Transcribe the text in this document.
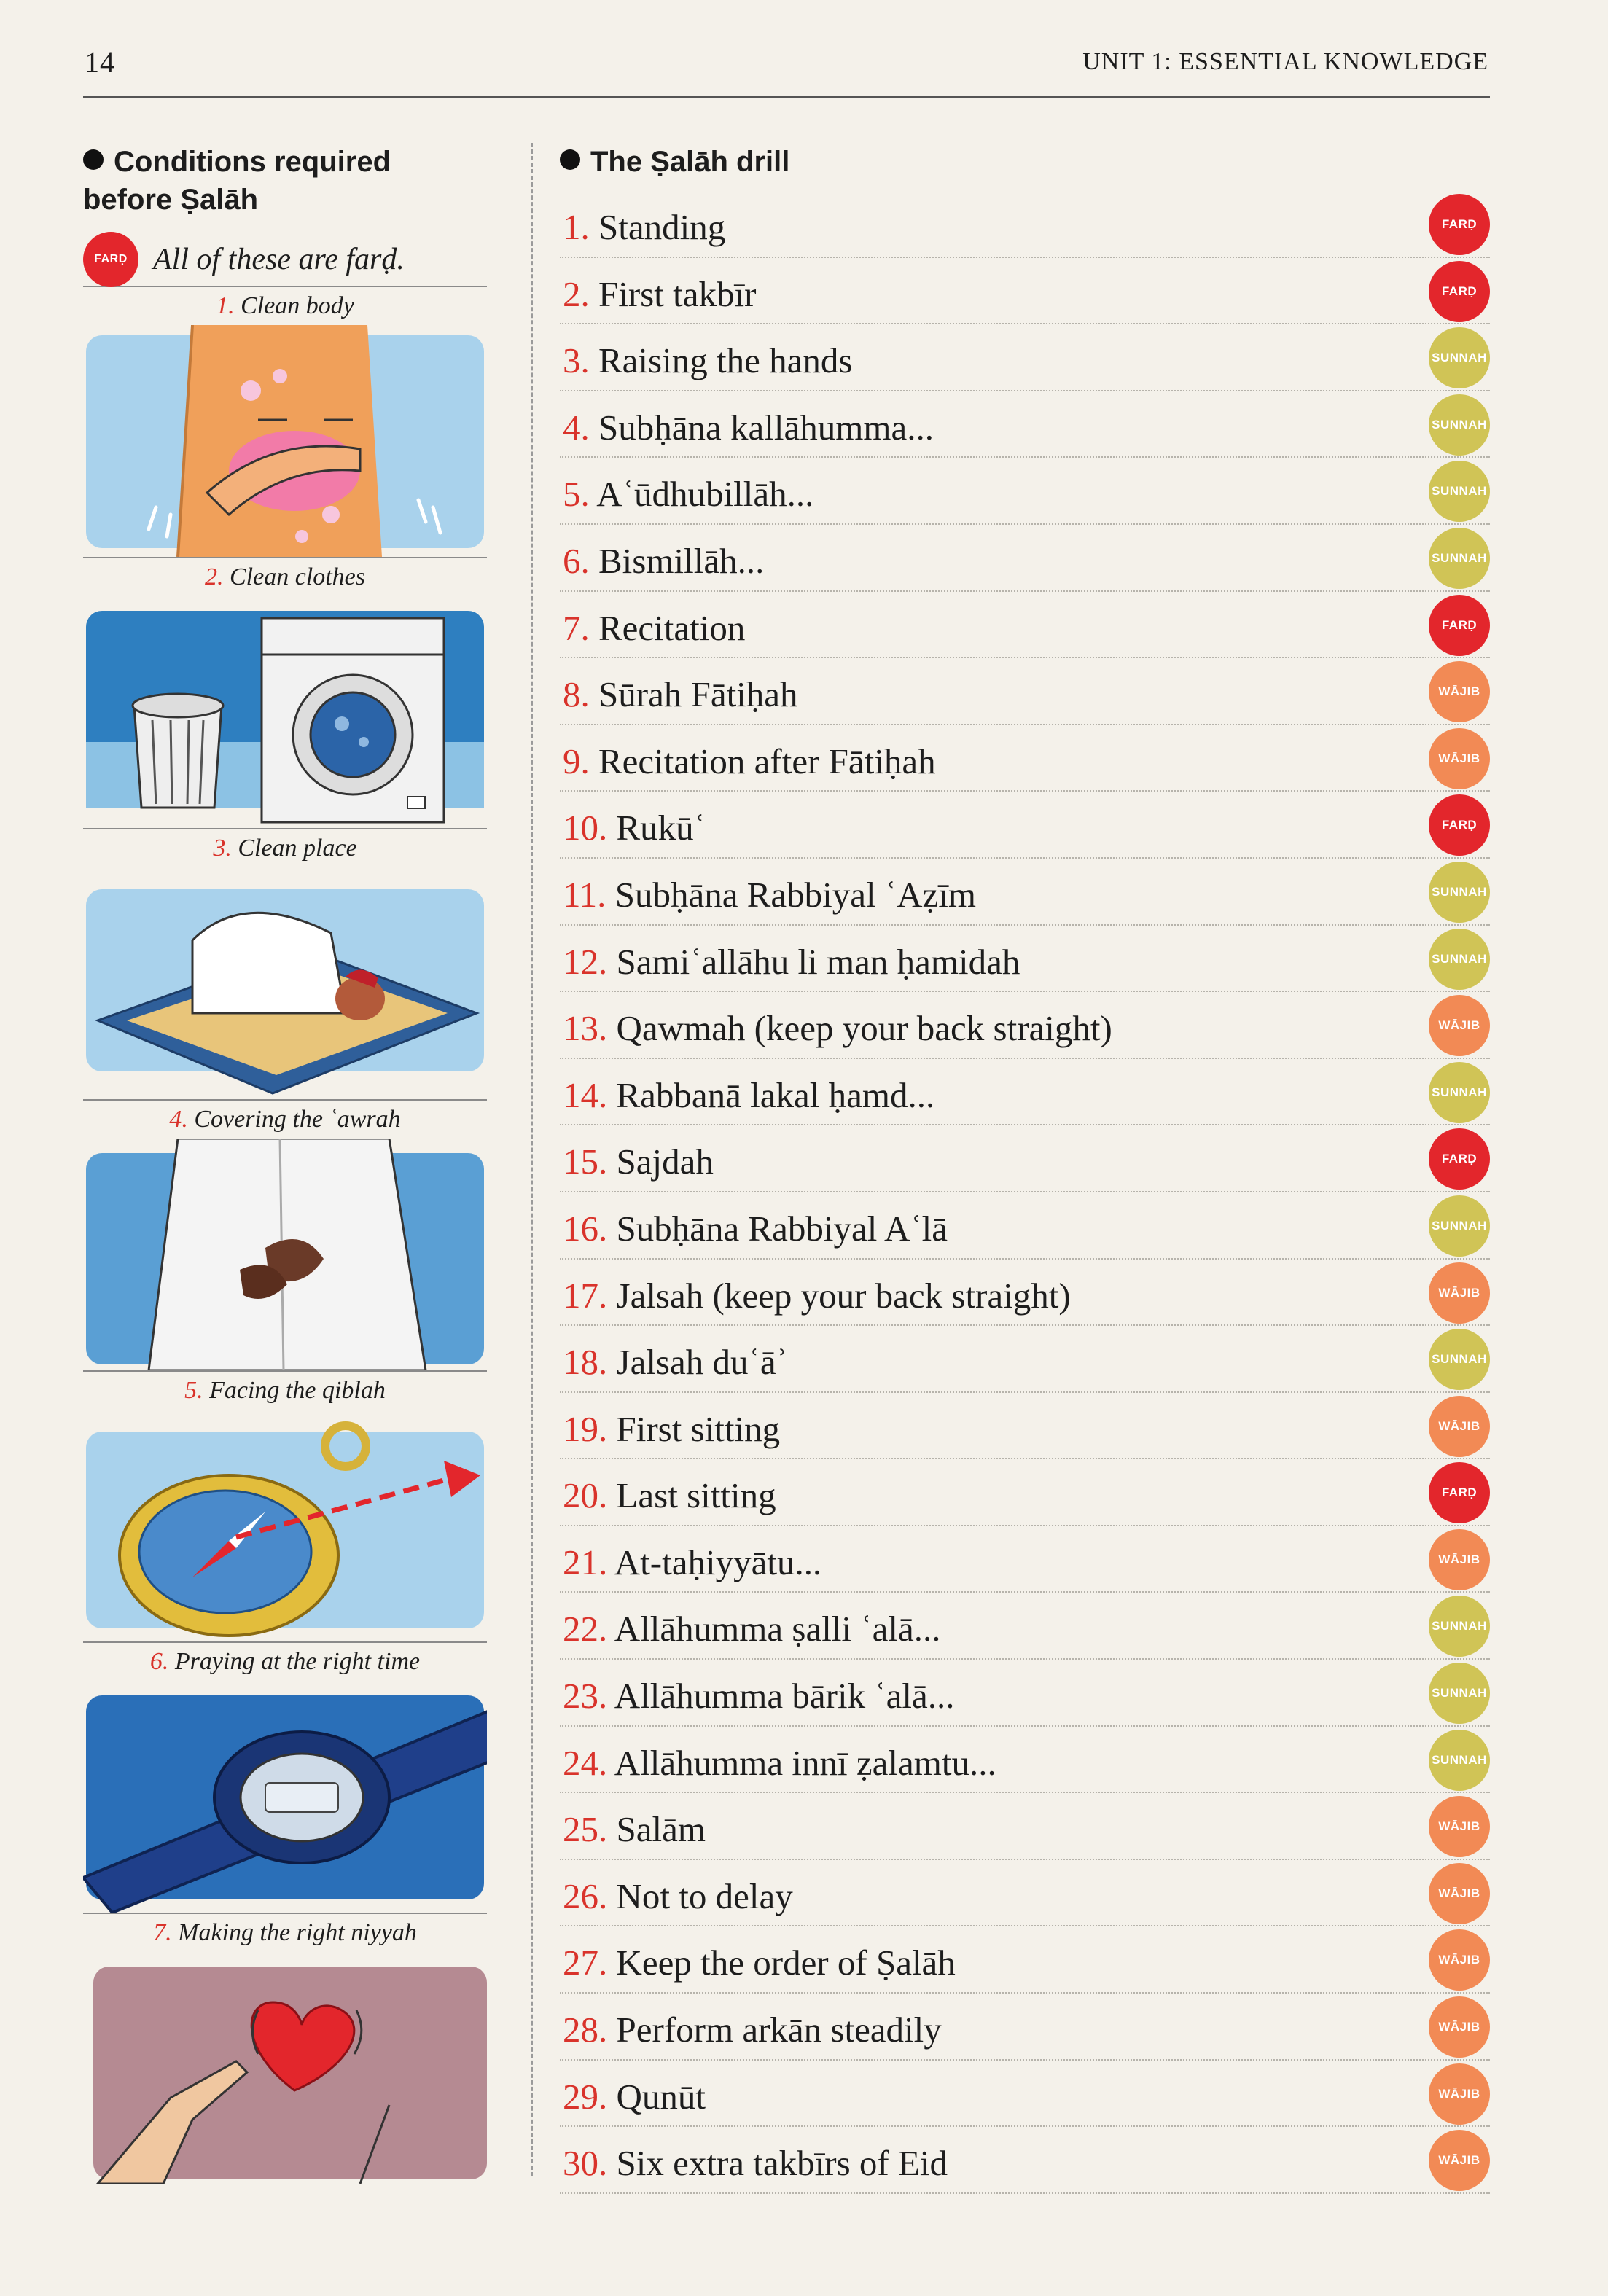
14	UNIT 1: ESSENTIAL KNOWLEDGE
Conditions required before Ṣalāh
FARḌ All of these are farḍ.
1. Clean body
2. Clean clothes
3. Clean place
4. Covering the ʿawrah
5. Facing the qiblah
6. Praying at the right time
7. Making the right niyyah
The Ṣalāh drill
1. Standing	FARḌ
2. First takbīr	FARḌ
3. Raising the hands	SUNNAH
4. Subḥāna kallāhumma...	SUNNAH
5. Aʿūdhubillāh...	SUNNAH
6. Bismillāh...	SUNNAH
7. Recitation	FARḌ
8. Sūrah Fātiḥah	WĀJIB
9. Recitation after Fātiḥah	WĀJIB
10. Rukūʿ	FARḌ
11. Subḥāna Rabbiyal ʿAẓīm	SUNNAH
12. Samiʿallāhu li man ḥamidah	SUNNAH
13. Qawmah (keep your back straight)	WĀJIB
14. Rabbanā lakal ḥamd...	SUNNAH
15. Sajdah	FARḌ
16. Subḥāna Rabbiyal Aʿlā	SUNNAH
17. Jalsah (keep your back straight)	WĀJIB
18. Jalsah duʿāʾ	SUNNAH
19. First sitting	WĀJIB
20. Last sitting	FARḌ
21. At-taḥiyyātu...	WĀJIB
22. Allāhumma ṣalli ʿalā...	SUNNAH
23. Allāhumma bārik ʿalā...	SUNNAH
24. Allāhumma innī ẓalamtu...	SUNNAH
25. Salām	WĀJIB
26. Not to delay	WĀJIB
27. Keep the order of Ṣalāh	WĀJIB
28. Perform arkān steadily	WĀJIB
29. Qunūt	WĀJIB
30. Six extra takbīrs of Eid	WĀJIB
